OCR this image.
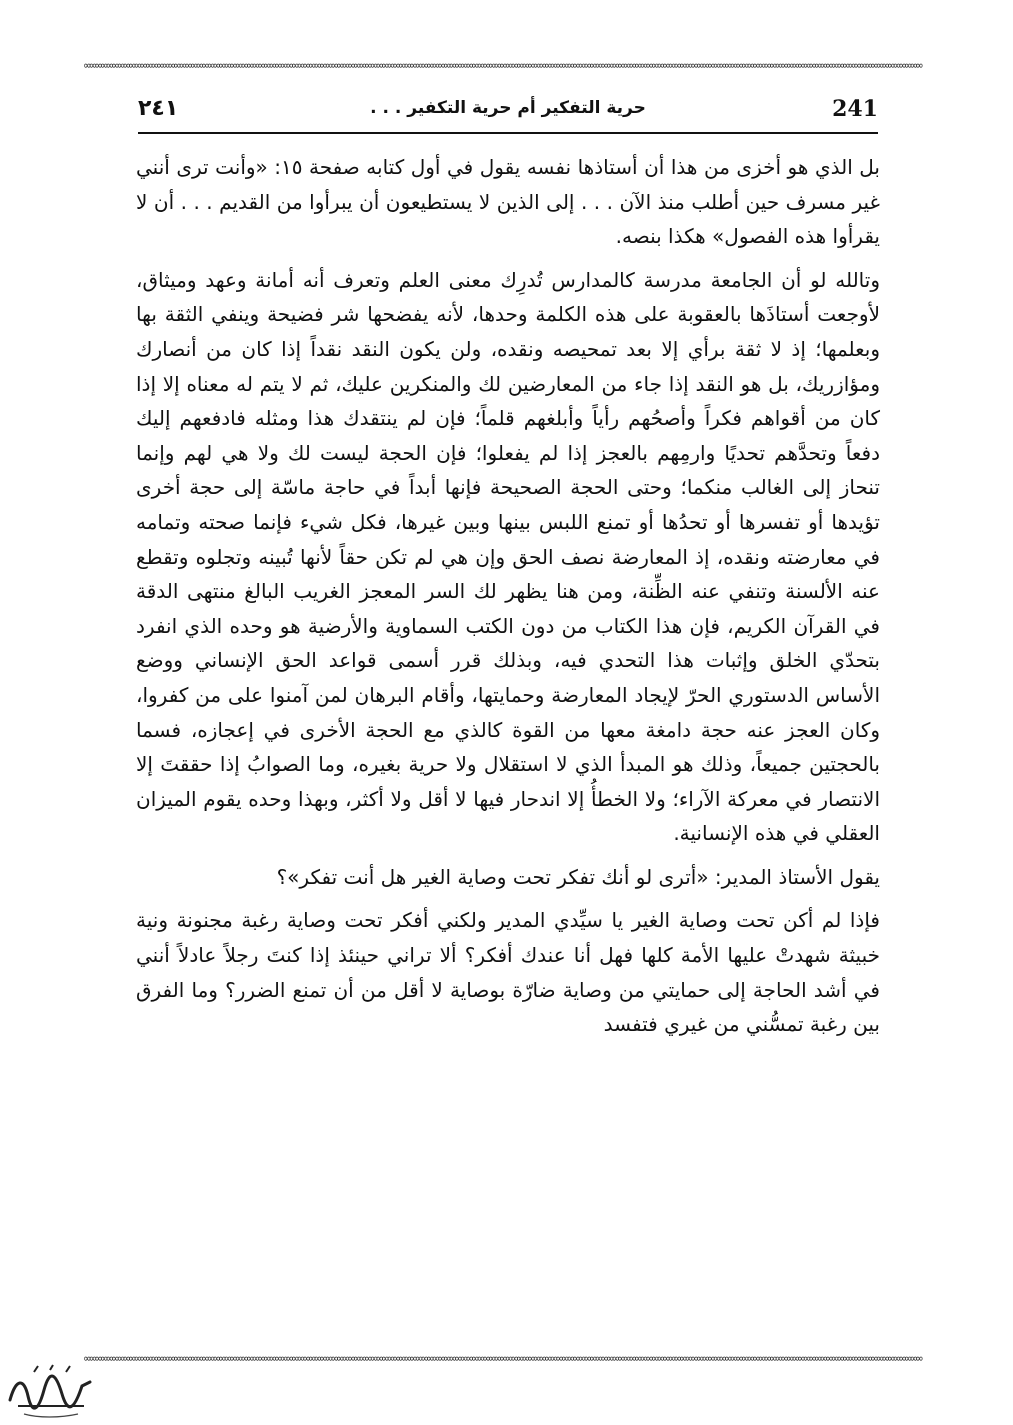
∞∞∞∞∞∞∞∞∞∞∞∞∞∞∞∞∞∞∞∞∞∞∞∞∞∞∞∞∞∞∞∞∞∞∞∞∞∞∞∞∞∞∞∞∞∞∞∞∞∞∞∞∞∞∞∞∞∞∞∞∞∞∞∞∞∞∞∞∞∞∞∞∞∞∞∞∞∞∞∞∞∞∞∞∞∞∞∞∞∞∞∞∞∞∞∞∞∞∞∞∞∞∞∞∞∞∞∞∞∞∞∞∞∞∞∞∞∞∞∞∞∞∞∞∞∞∞∞∞∞∞∞∞∞∞∞∞∞∞∞∞∞∞∞∞∞∞∞∞
241
حرية التفكير أم حرية التكفير . . .
٢٤١

بل الذي هو أخزى من هذا أن أستاذها نفسه يقول في أول كتابه صفحة ١٥: «وأنت ترى أنني غير مسرف حين أطلب منذ الآن . . . إلى الذين لا يستطيعون أن يبرأوا من القديم . . . أن لا يقرأوا هذه الفصول» هكذا بنصه.

وتالله لو أن الجامعة مدرسة كالمدارس تُدرِك معنى العلم وتعرف أنه أمانة وعهد وميثاق، لأوجعت أستاذَها بالعقوبة على هذه الكلمة وحدها، لأنه يفضحها شر فضيحة وينفي الثقة بها وبعلمها؛ إذ لا ثقة برأي إلا بعد تمحيصه ونقده، ولن يكون النقد نقداً إذا كان من أنصارك ومؤازريك، بل هو النقد إذا جاء من المعارضين لك والمنكرين عليك، ثم لا يتم له معناه إلا إذا كان من أقواهم فكراً وأصحُهم رأياً وأبلغهم قلماً؛ فإن لم ينتقدك هذا ومثله فادفعهم إليك دفعاً وتحدَّهم تحديًا وارمِهم بالعجز إذا لم يفعلوا؛ فإن الحجة ليست لك ولا هي لهم وإنما تنحاز إلى الغالب منكما؛ وحتى الحجة الصحيحة فإنها أبداً في حاجة ماسّة إلى حجة أخرى تؤيدها أو تفسرها أو تحدُها أو تمنع اللبس بينها وبين غيرها، فكل شيء فإنما صحته وتمامه في معارضته ونقده، إذ المعارضة نصف الحق وإن هي لم تكن حقاً لأنها تُبينه وتجلوه وتقطع عنه الألسنة وتنفي عنه الظِّنة، ومن هنا يظهر لك السر المعجز الغريب البالغ منتهى الدقة في القرآن الكريم، فإن هذا الكتاب من دون الكتب السماوية والأرضية هو وحده الذي انفرد بتحدّي الخلق وإثبات هذا التحدي فيه، وبذلك قرر أسمى قواعد الحق الإنساني ووضع الأساس الدستوري الحرّ لإيجاد المعارضة وحمايتها، وأقام البرهان لمن آمنوا على من كفروا، وكان العجز عنه حجة دامغة معها من القوة كالذي مع الحجة الأخرى في إعجازه، فسما بالحجتين جميعاً، وذلك هو المبدأ الذي لا استقلال ولا حرية بغيره، وما الصوابُ إذا حققتَ إلا الانتصار في معركة الآراء؛ ولا الخطأُ إلا اندحار فيها لا أقل ولا أكثر، وبهذا وحده يقوم الميزان العقلي في هذه الإنسانية.

يقول الأستاذ المدير: «أترى لو أنك تفكر تحت وصاية الغير هل أنت تفكر»؟

فإذا لم أكن تحت وصاية الغير يا سيِّدي المدير ولكني أفكر تحت وصاية رغبة مجنونة ونية خبيثة شهدتْ عليها الأمة كلها فهل أنا عندك أفكر؟ ألا تراني حينئذ إذا كنتَ رجلاً عادلاً أنني في أشد الحاجة إلى حمايتي من وصاية ضارّة بوصاية لا أقل من أن تمنع الضرر؟ وما الفرق بين رغبة تمسُّني من غيري فتفسد

∞∞∞∞∞∞∞∞∞∞∞∞∞∞∞∞∞∞∞∞∞∞∞∞∞∞∞∞∞∞∞∞∞∞∞∞∞∞∞∞∞∞∞∞∞∞∞∞∞∞∞∞∞∞∞∞∞∞∞∞∞∞∞∞∞∞∞∞∞∞∞∞∞∞∞∞∞∞∞∞∞∞∞∞∞∞∞∞∞∞∞∞∞∞∞∞∞∞∞∞∞∞∞∞∞∞∞∞∞∞∞∞∞∞∞∞∞∞∞∞∞∞∞∞∞∞∞∞∞∞∞∞∞∞∞∞∞∞∞∞∞∞∞∞∞∞∞∞∞
